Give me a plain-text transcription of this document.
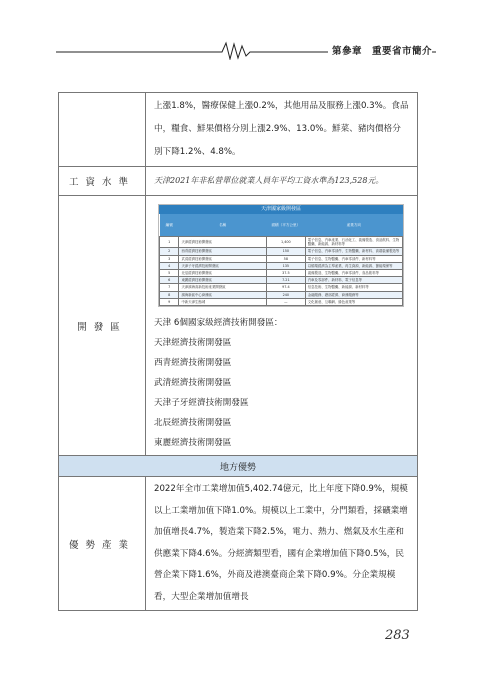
第參章　重要省市簡介
	上漲1.8%，醫療保健上漲0.2%，其他用品及服務上漲0.3%。食品中，糧食、鮮果價格分別上漲2.9%、13.0%。鮮菜、豬肉價格分別下降1.2%、4.8%。
工資水準	天津2021年非私營單位就業人員年平均工資水準為123,528元。
開發區	
天津國家級開發區
編號	名稱	面積（平方公里）	產業方向
1	天津經濟技術開發區	1,400	電子信息、汽車產業、石油化工、裝備製造、食品飲料、生物醫藥、新能源、新材料等
2	西青經濟技術開發區	150	電子信息、汽車零部件、生物醫藥、新材料、高端裝備製造等
3	武清經濟技術開發區	58	電子信息、生物醫藥、汽車零部件、新材料等
4	天津子牙經濟技術開發區	135	以循環經濟為主導產業、再生資源、新能源、節能環保等
5	北辰經濟技術開發區	37.5	裝備製造、生物醫藥、汽車零部件、食品飲料等
6	東麗經濟技術開發區	7.21	汽車及零部件、新材料、電子信息等
7	天津濱海高新技術產業開發區	97.4	信息技術、生物醫藥、新能源、新材料等
8	濱海新區中心商務區	240	金融服務、總部經濟、商務服務等
9	中新天津生態城	—	文化創意、互聯網、綠色產業等
天津 6個國家級經濟技術開發區：
天津經濟技術開發區
西青經濟技術開發區
武清經濟技術開發區
天津子牙經濟技術開發區
北辰經濟技術開發區
東麗經濟技術開發區

地方優勢
優勢產業	2022年全市工業增加值5,402.74億元，比上年度下降0.9%，規模以上工業增加值下降1.0%。規模以上工業中，分門類看，採礦業增加值增長4.7%，製造業下降2.5%，電力、熱力、燃氣及水生產和供應業下降4.6%。分經濟類型看，國有企業增加值下降0.5%，民營企業下降1.6%，外商及港澳臺商企業下降0.9%。分企業規模看，大型企業增加值增長
283
